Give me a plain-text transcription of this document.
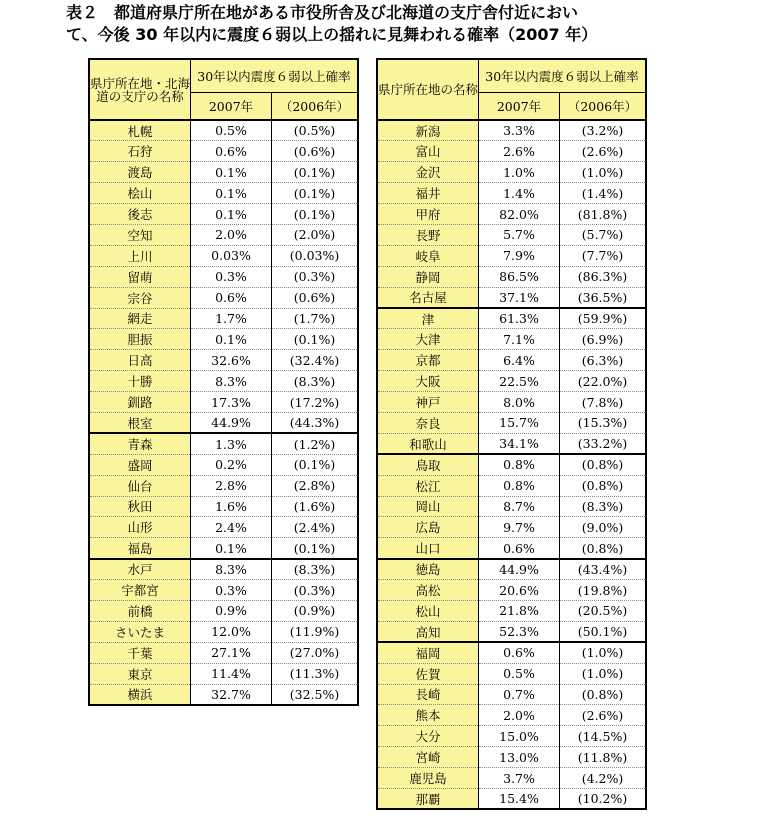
表２　都道府県庁所在地がある市役所舎及び北海道の支庁舎付近におい
て、今後 30 年以内に震度６弱以上の揺れに見舞われる確率（2007 年）
県庁所在地・北海道の支庁の名称	30年以内震度６弱以上確率	
	2007年	（2006年）
札幌	0.5%	(0.5%)
石狩	0.6%	(0.6%)
渡島	0.1%	(0.1%)
桧山	0.1%	(0.1%)
後志	0.1%	(0.1%)
空知	2.0%	(2.0%)
上川	0.03%	(0.03%)
留萌	0.3%	(0.3%)
宗谷	0.6%	(0.6%)
網走	1.7%	(1.7%)
胆振	0.1%	(0.1%)
日高	32.6%	(32.4%)
十勝	8.3%	(8.3%)
釧路	17.3%	(17.2%)
根室	44.9%	(44.3%)
青森	1.3%	(1.2%)
盛岡	0.2%	(0.1%)
仙台	2.8%	(2.8%)
秋田	1.6%	(1.6%)
山形	2.4%	(2.4%)
福島	0.1%	(0.1%)
水戸	8.3%	(8.3%)
宇都宮	0.3%	(0.3%)
前橋	0.9%	(0.9%)
さいたま	12.0%	(11.9%)
千葉	27.1%	(27.0%)
東京	11.4%	(11.3%)
横浜	32.7%	(32.5%)
県庁所在地の名称	30年以内震度６弱以上確率	
	2007年	（2006年）
新潟	3.3%	(3.2%)
富山	2.6%	(2.6%)
金沢	1.0%	(1.0%)
福井	1.4%	(1.4%)
甲府	82.0%	(81.8%)
長野	5.7%	(5.7%)
岐阜	7.9%	(7.7%)
静岡	86.5%	(86.3%)
名古屋	37.1%	(36.5%)
津	61.3%	(59.9%)
大津	7.1%	(6.9%)
京都	6.4%	(6.3%)
大阪	22.5%	(22.0%)
神戸	8.0%	(7.8%)
奈良	15.7%	(15.3%)
和歌山	34.1%	(33.2%)
鳥取	0.8%	(0.8%)
松江	0.8%	(0.8%)
岡山	8.7%	(8.3%)
広島	9.7%	(9.0%)
山口	0.6%	(0.8%)
徳島	44.9%	(43.4%)
高松	20.6%	(19.8%)
松山	21.8%	(20.5%)
高知	52.3%	(50.1%)
福岡	0.6%	(1.0%)
佐賀	0.5%	(1.0%)
長崎	0.7%	(0.8%)
熊本	2.0%	(2.6%)
大分	15.0%	(14.5%)
宮崎	13.0%	(11.8%)
鹿児島	3.7%	(4.2%)
那覇	15.4%	(10.2%)
